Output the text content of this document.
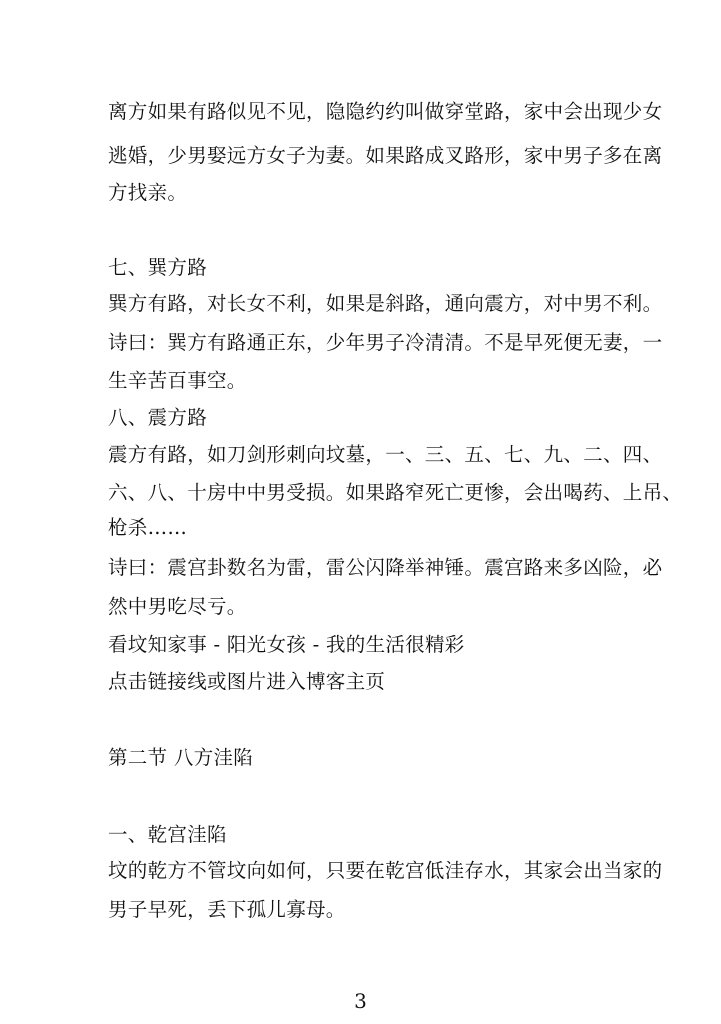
离方如果有路似见不见，隐隐约约叫做穿堂路，家中会出现少女
逃婚，少男娶远方女子为妻。如果路成叉路形，家中男子多在离
方找亲。
七、巽方路
巽方有路，对长女不利，如果是斜路，通向震方，对中男不利。
诗曰：巽方有路通正东，少年男子冷清清。不是早死便无妻，一
生辛苦百事空。
八、震方路
震方有路，如刀剑形刺向坟墓，一、三、五、七、九、二、四、
六、八、十房中中男受损。如果路窄死亡更惨，会出喝药、上吊、
枪杀……
诗曰：震宫卦数名为雷，雷公闪降举神锤。震宫路来多凶险，必
然中男吃尽亏。
看坟知家事 - 阳光女孩 - 我的生活很精彩
点击链接线或图片进入博客主页
第二节 八方洼陷
一、乾宫洼陷
坟的乾方不管坟向如何，只要在乾宫低洼存水，其家会出当家的
男子早死，丢下孤儿寡母。
3
